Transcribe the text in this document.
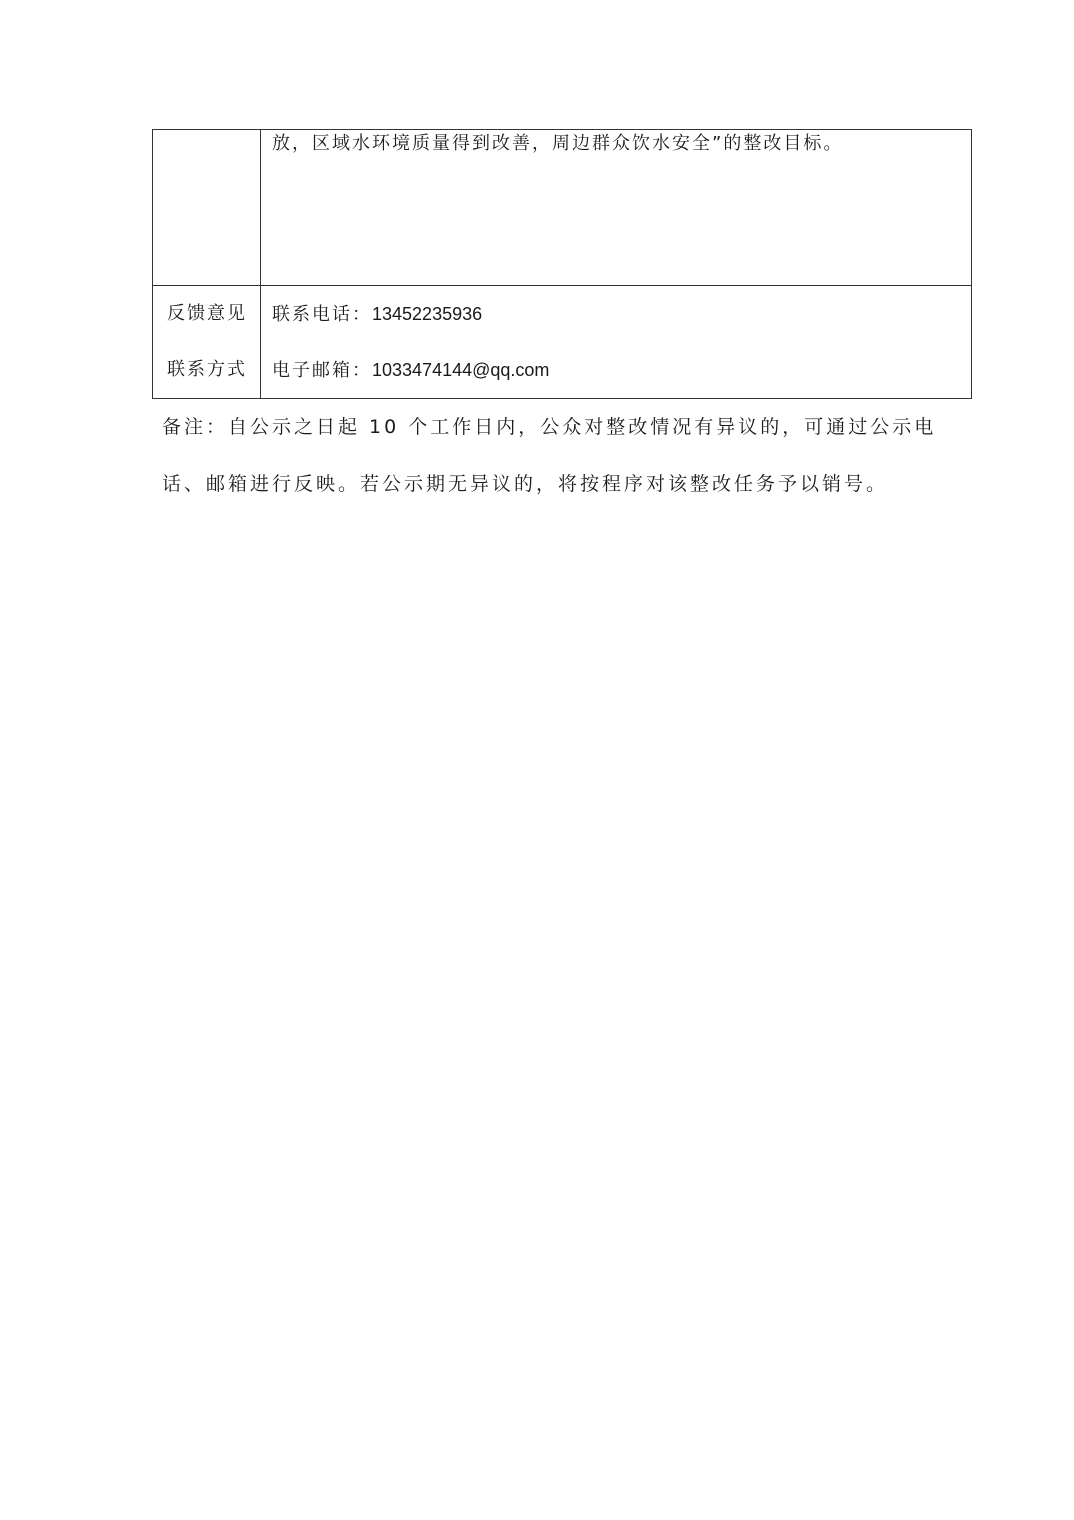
放，区域水环境质量得到改善，周边群众饮水安全”的整改目标。
反馈意见
联系方式
联系电话：13452235936
电子邮箱：1033474144@qq.com
备注：自公示之日起 10 个工作日内，公众对整改情况有异议的，可通过公示电
话、邮箱进行反映。若公示期无异议的，将按程序对该整改任务予以销号。
